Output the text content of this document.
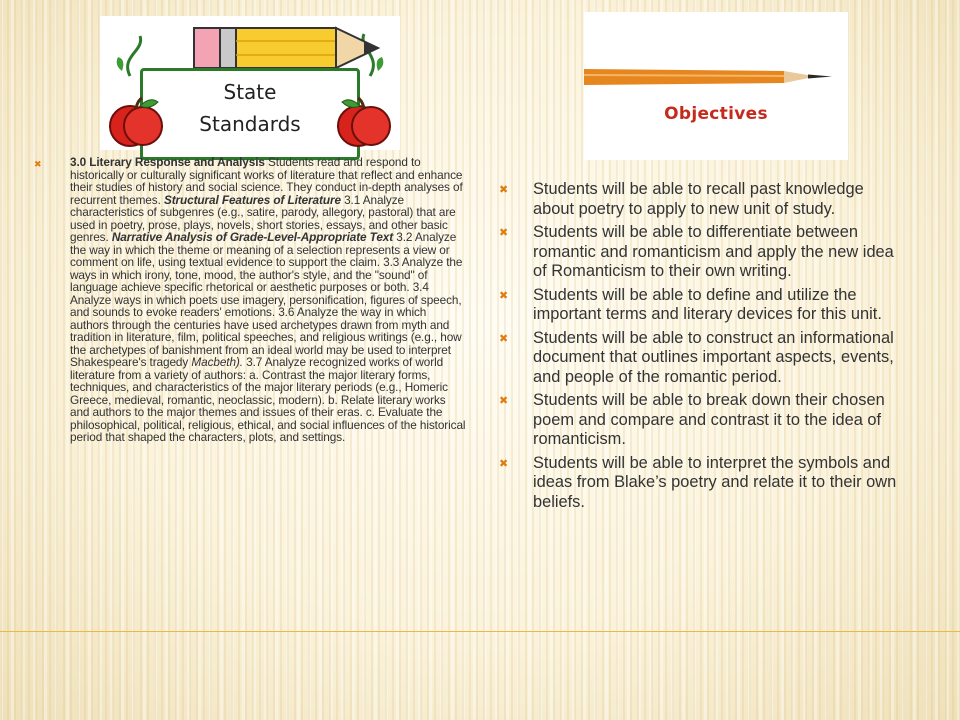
State
Standards	Objectives
✖ 3.0 Literary Response and Analysis Students read and respond to historically or culturally significant works of literature that reflect and enhance their studies of history and social science. They conduct in-depth analyses of recurrent themes. Structural Features of Literature 3.1 Analyze characteristics of subgenres (e.g., satire, parody, allegory, pastoral) that are used in poetry, prose, plays, novels, short stories, essays, and other basic genres. Narrative Analysis of Grade-Level-Appropriate Text 3.2 Analyze the way in which the theme or meaning of a selection represents a view or comment on life, using textual evidence to support the claim. 3.3 Analyze the ways in which irony, tone, mood, the author's style, and the "sound" of language achieve specific rhetorical or aesthetic purposes or both. 3.4 Analyze ways in which poets use imagery, personification, figures of speech, and sounds to evoke readers' emotions. 3.6 Analyze the way in which authors through the centuries have used archetypes drawn from myth and tradition in literature, film, political speeches, and religious writings (e.g., how the archetypes of banishment from an ideal world may be used to interpret Shakespeare's tragedy Macbeth). 3.7 Analyze recognized works of world literature from a variety of authors: a. Contrast the major literary forms, techniques, and characteristics of the major literary periods (e.g., Homeric Greece, medieval, romantic, neoclassic, modern). b. Relate literary works and authors to the major themes and issues of their eras. c. Evaluate the philosophical, political, religious, ethical, and social influences of the historical period that shaped the characters, plots, and settings.

✖ Students will be able to recall past knowledge about poetry to apply to new unit of study.
✖ Students will be able to differentiate between romantic and romanticism and apply the new idea of Romanticism to their own writing.
✖ Students will be able to define and utilize the important terms and literary devices for this unit.
✖ Students will be able to construct an informational document that outlines important aspects, events, and people of the romantic period.
✖ Students will be able to break down their chosen poem and compare and contrast it to the idea of romanticism.
✖ Students will be able to interpret the symbols and ideas from Blake’s poetry and relate it to their own beliefs.
